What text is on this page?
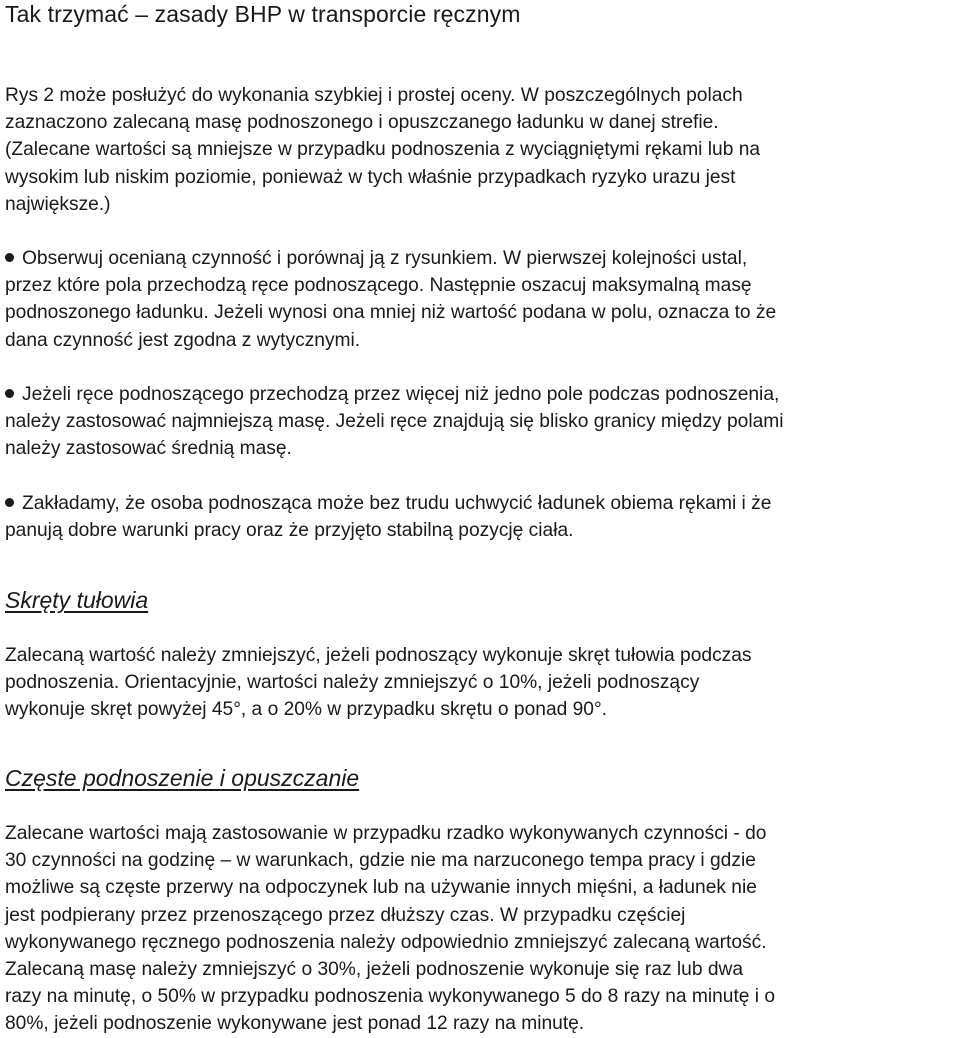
Tak trzymać – zasady BHP w transporcie ręcznym
Rys 2 może posłużyć do wykonania szybkiej i prostej oceny. W poszczególnych polach
zaznaczono zalecaną masę podnoszonego i opuszczanego ładunku w danej strefie.
(Zalecane wartości są mniejsze w przypadku podnoszenia z wyciągniętymi rękami lub na
wysokim lub niskim poziomie, ponieważ w tych właśnie przypadkach ryzyko urazu jest
największe.)
Obserwuj ocenianą czynność i porównaj ją z rysunkiem. W pierwszej kolejności ustal,
przez które pola przechodzą ręce podnoszącego. Następnie oszacuj maksymalną masę
podnoszonego ładunku. Jeżeli wynosi ona mniej niż wartość podana w polu, oznacza to że
dana czynność jest zgodna z wytycznymi.
Jeżeli ręce podnoszącego przechodzą przez więcej niż jedno pole podczas podnoszenia,
należy zastosować najmniejszą masę. Jeżeli ręce znajdują się blisko granicy między polami
należy zastosować średnią masę.
Zakładamy, że osoba podnosząca może bez trudu uchwycić ładunek obiema rękami i że
panują dobre warunki pracy oraz że przyjęto stabilną pozycję ciała.
Skręty tułowia
Zalecaną wartość należy zmniejszyć, jeżeli podnoszący wykonuje skręt tułowia podczas
podnoszenia. Orientacyjnie, wartości należy zmniejszyć o 10%, jeżeli podnoszący
wykonuje skręt powyżej 45°, a o 20% w przypadku skrętu o ponad 90°.
Częste podnoszenie i opuszczanie
Zalecane wartości mają zastosowanie w przypadku rzadko wykonywanych czynności - do
30 czynności na godzinę – w warunkach, gdzie nie ma narzuconego tempa pracy i gdzie
możliwe są częste przerwy na odpoczynek lub na używanie innych mięśni, a ładunek nie
jest podpierany przez przenoszącego przez dłuższy czas. W przypadku częściej
wykonywanego ręcznego podnoszenia należy odpowiednio zmniejszyć zalecaną wartość.
Zalecaną masę należy zmniejszyć o 30%, jeżeli podnoszenie wykonuje się raz lub dwa
razy na minutę, o 50% w przypadku podnoszenia wykonywanego 5 do 8 razy na minutę i o
80%, jeżeli podnoszenie wykonywane jest ponad 12 razy na minutę.
